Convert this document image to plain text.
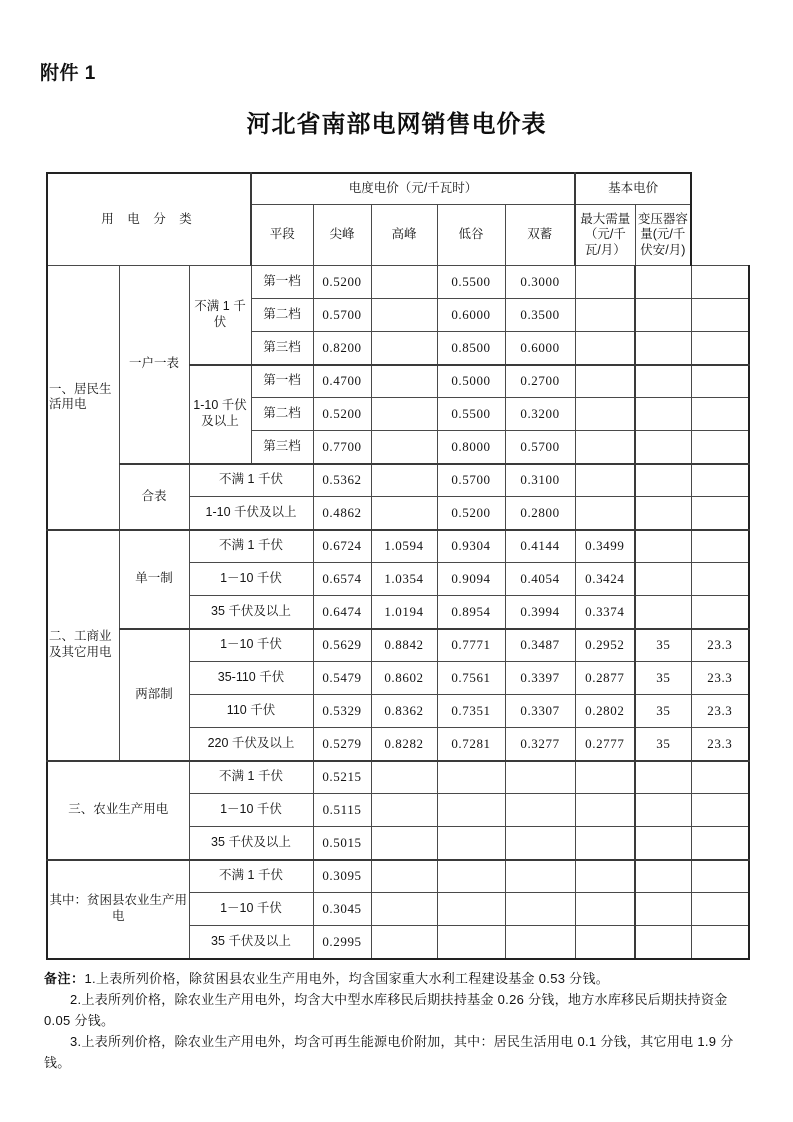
附件 1
河北省南部电网销售电价表
用 电 分 类			电度电价（元/千瓦时）					基本电价		
			平段	尖峰	高峰	低谷	双蓄	最大需量（元/千瓦/月）	变压器容量(元/千伏安/月)	
一、居民生活用电	一户一表	不满 1 千伏	第一档	0.5200		0.5500	0.3000			
			第二档	0.5700		0.6000	0.3500			
			第三档	0.8200		0.8500	0.6000			
		1-10 千伏及以上	第一档	0.4700		0.5000	0.2700			
			第二档	0.5200		0.5500	0.3200			
			第三档	0.7700		0.8000	0.5700			
	合表	不满 1 千伏		0.5362		0.5700	0.3100			
		1-10 千伏及以上		0.4862		0.5200	0.2800			
二、工商业及其它用电	单一制	不满 1 千伏		0.6724	1.0594	0.9304	0.4144	0.3499		
		1－10 千伏		0.6574	1.0354	0.9094	0.4054	0.3424		
		35 千伏及以上		0.6474	1.0194	0.8954	0.3994	0.3374		
	两部制	1－10 千伏		0.5629	0.8842	0.7771	0.3487	0.2952	35	23.3
		35-110 千伏		0.5479	0.8602	0.7561	0.3397	0.2877	35	23.3
		110 千伏		0.5329	0.8362	0.7351	0.3307	0.2802	35	23.3
		220 千伏及以上		0.5279	0.8282	0.7281	0.3277	0.2777	35	23.3
三、农业生产用电		不满 1 千伏		0.5215						
		1－10 千伏		0.5115						
		35 千伏及以上		0.5015						
其中：贫困县农业生产用电		不满 1 千伏		0.3095						
		1－10 千伏		0.3045						
		35 千伏及以上		0.2995						
备注：1.上表所列价格，除贫困县农业生产用电外，均含国家重大水利工程建设基金 0.53 分钱。
2.上表所列价格，除农业生产用电外，均含大中型水库移民后期扶持基金 0.26 分钱，地方水库移民后期扶持资金 0.05 分钱。
3.上表所列价格，除农业生产用电外，均含可再生能源电价附加，其中：居民生活用电 0.1 分钱，其它用电 1.9 分钱。
